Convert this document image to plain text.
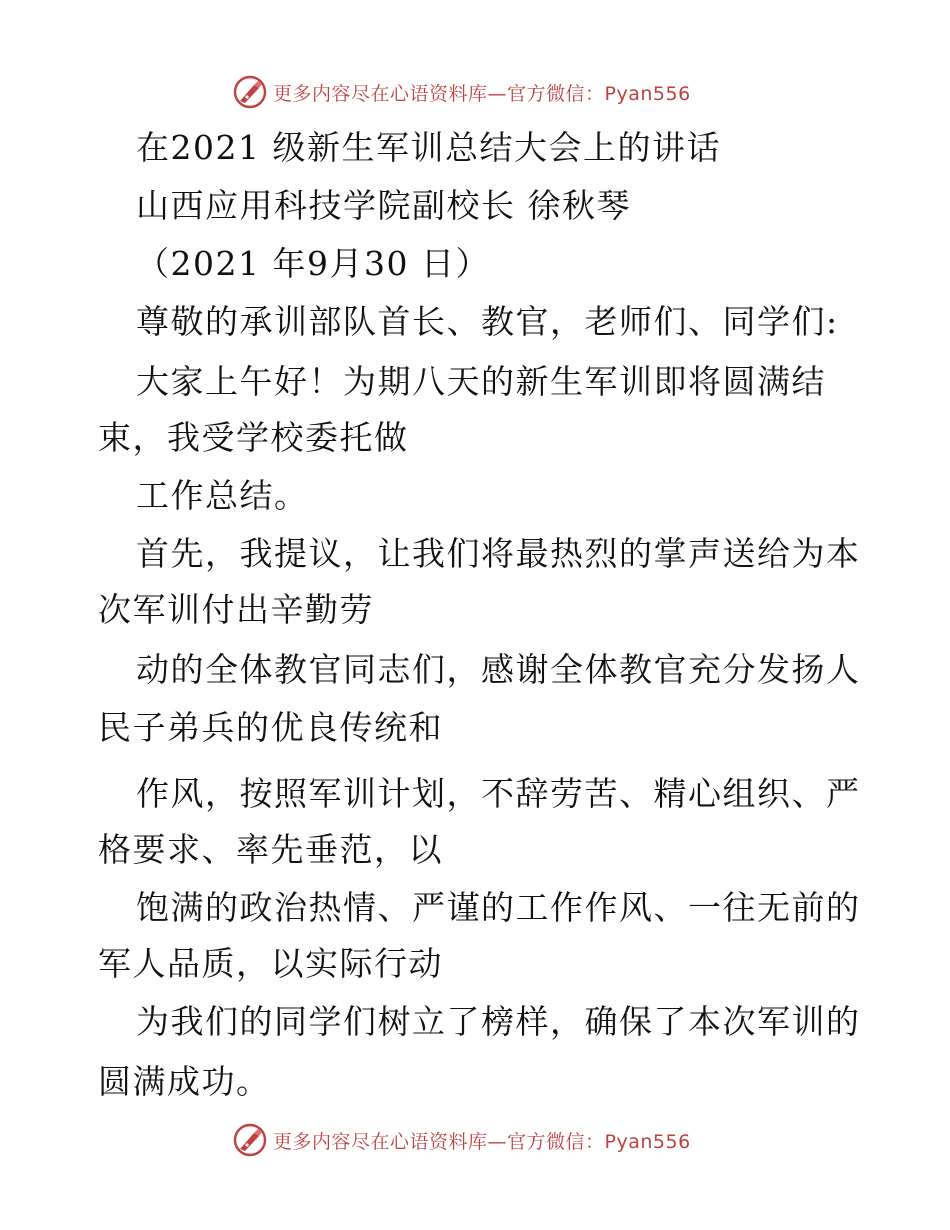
更多内容尽在心语资料库—官方微信：Pyan556
在2021 级新生军训总结大会上的讲话
山西应用科技学院副校长 徐秋琴
（2021 年9月30 日）
尊敬的承训部队首长、教官，老师们、同学们:
大家上午好！为期八天的新生军训即将圆满结
束，我受学校委托做
工作总结。
首先，我提议，让我们将最热烈的掌声送给为本
次军训付出辛勤劳
动的全体教官同志们，感谢全体教官充分发扬人
民子弟兵的优良传统和
作风，按照军训计划，不辞劳苦、精心组织、严
格要求、率先垂范，以
饱满的政治热情、严谨的工作作风、一往无前的
军人品质，以实际行动
为我们的同学们树立了榜样，确保了本次军训的
圆满成功。
更多内容尽在心语资料库—官方微信：Pyan556
